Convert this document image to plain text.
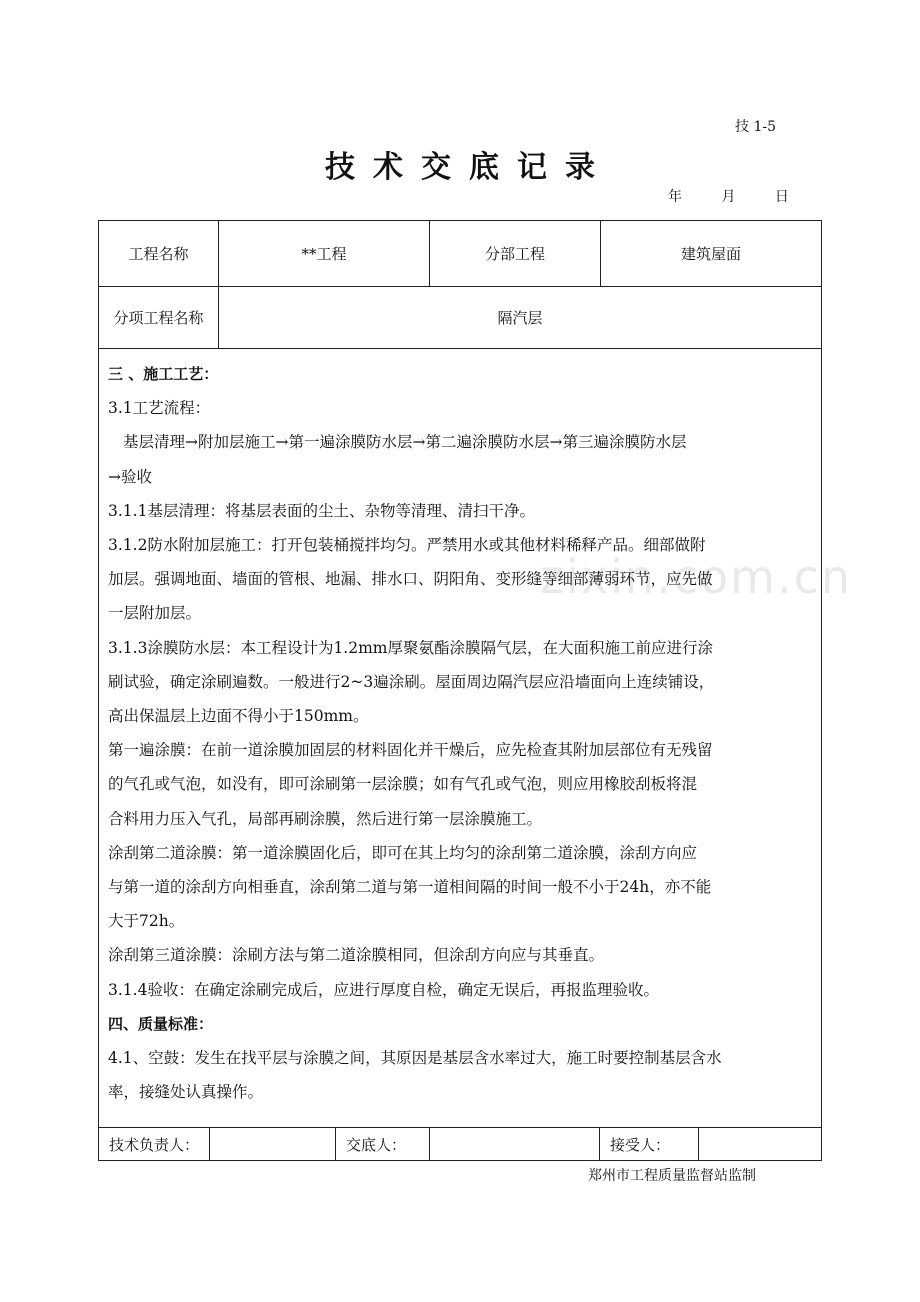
技 1-5
技术交底记录
年	月	日
zixin.com.cn
工程名称	**工程	分部工程	建筑屋面
分项工程名称	隔汽层

三 、施工工艺：

3.1工艺流程：

基层清理→附加层施工→第一遍涂膜防水层→第二遍涂膜防水层→第三遍涂膜防水层

→验收

3.1.1基层清理：将基层表面的尘土、杂物等清理、清扫干净。

3.1.2防水附加层施工：打开包装桶搅拌均匀。严禁用水或其他材料稀释产品。细部做附

加层。强调地面、墙面的管根、地漏、排水口、阴阳角、变形缝等细部薄弱环节，应先做

一层附加层。

3.1.3涂膜防水层：本工程设计为1.2mm厚聚氨酯涂膜隔气层，在大面积施工前应进行涂

刷试验，确定涂刷遍数。一般进行2~3遍涂刷。屋面周边隔汽层应沿墙面向上连续铺设，

高出保温层上边面不得小于150mm。

第一遍涂膜：在前一道涂膜加固层的材料固化并干燥后，应先检查其附加层部位有无残留

的气孔或气泡，如没有，即可涂刷第一层涂膜；如有气孔或气泡，则应用橡胶刮板将混

合料用力压入气孔，局部再刷涂膜，然后进行第一层涂膜施工。

涂刮第二道涂膜：第一道涂膜固化后，即可在其上均匀的涂刮第二道涂膜，涂刮方向应

与第一道的涂刮方向相垂直，涂刮第二道与第一道相间隔的时间一般不小于24h，亦不能

大于72h。

涂刮第三道涂膜：涂刷方法与第二道涂膜相同，但涂刮方向应与其垂直。

3.1.4验收：在确定涂刷完成后，应进行厚度自检，确定无误后，再报监理验收。

四、质量标准：

4.1、空鼓：发生在找平层与涂膜之间，其原因是基层含水率过大，施工时要控制基层含水

率，接缝处认真操作。

技术负责人：	交底人：	接受人：
郑州市工程质量监督站监制
